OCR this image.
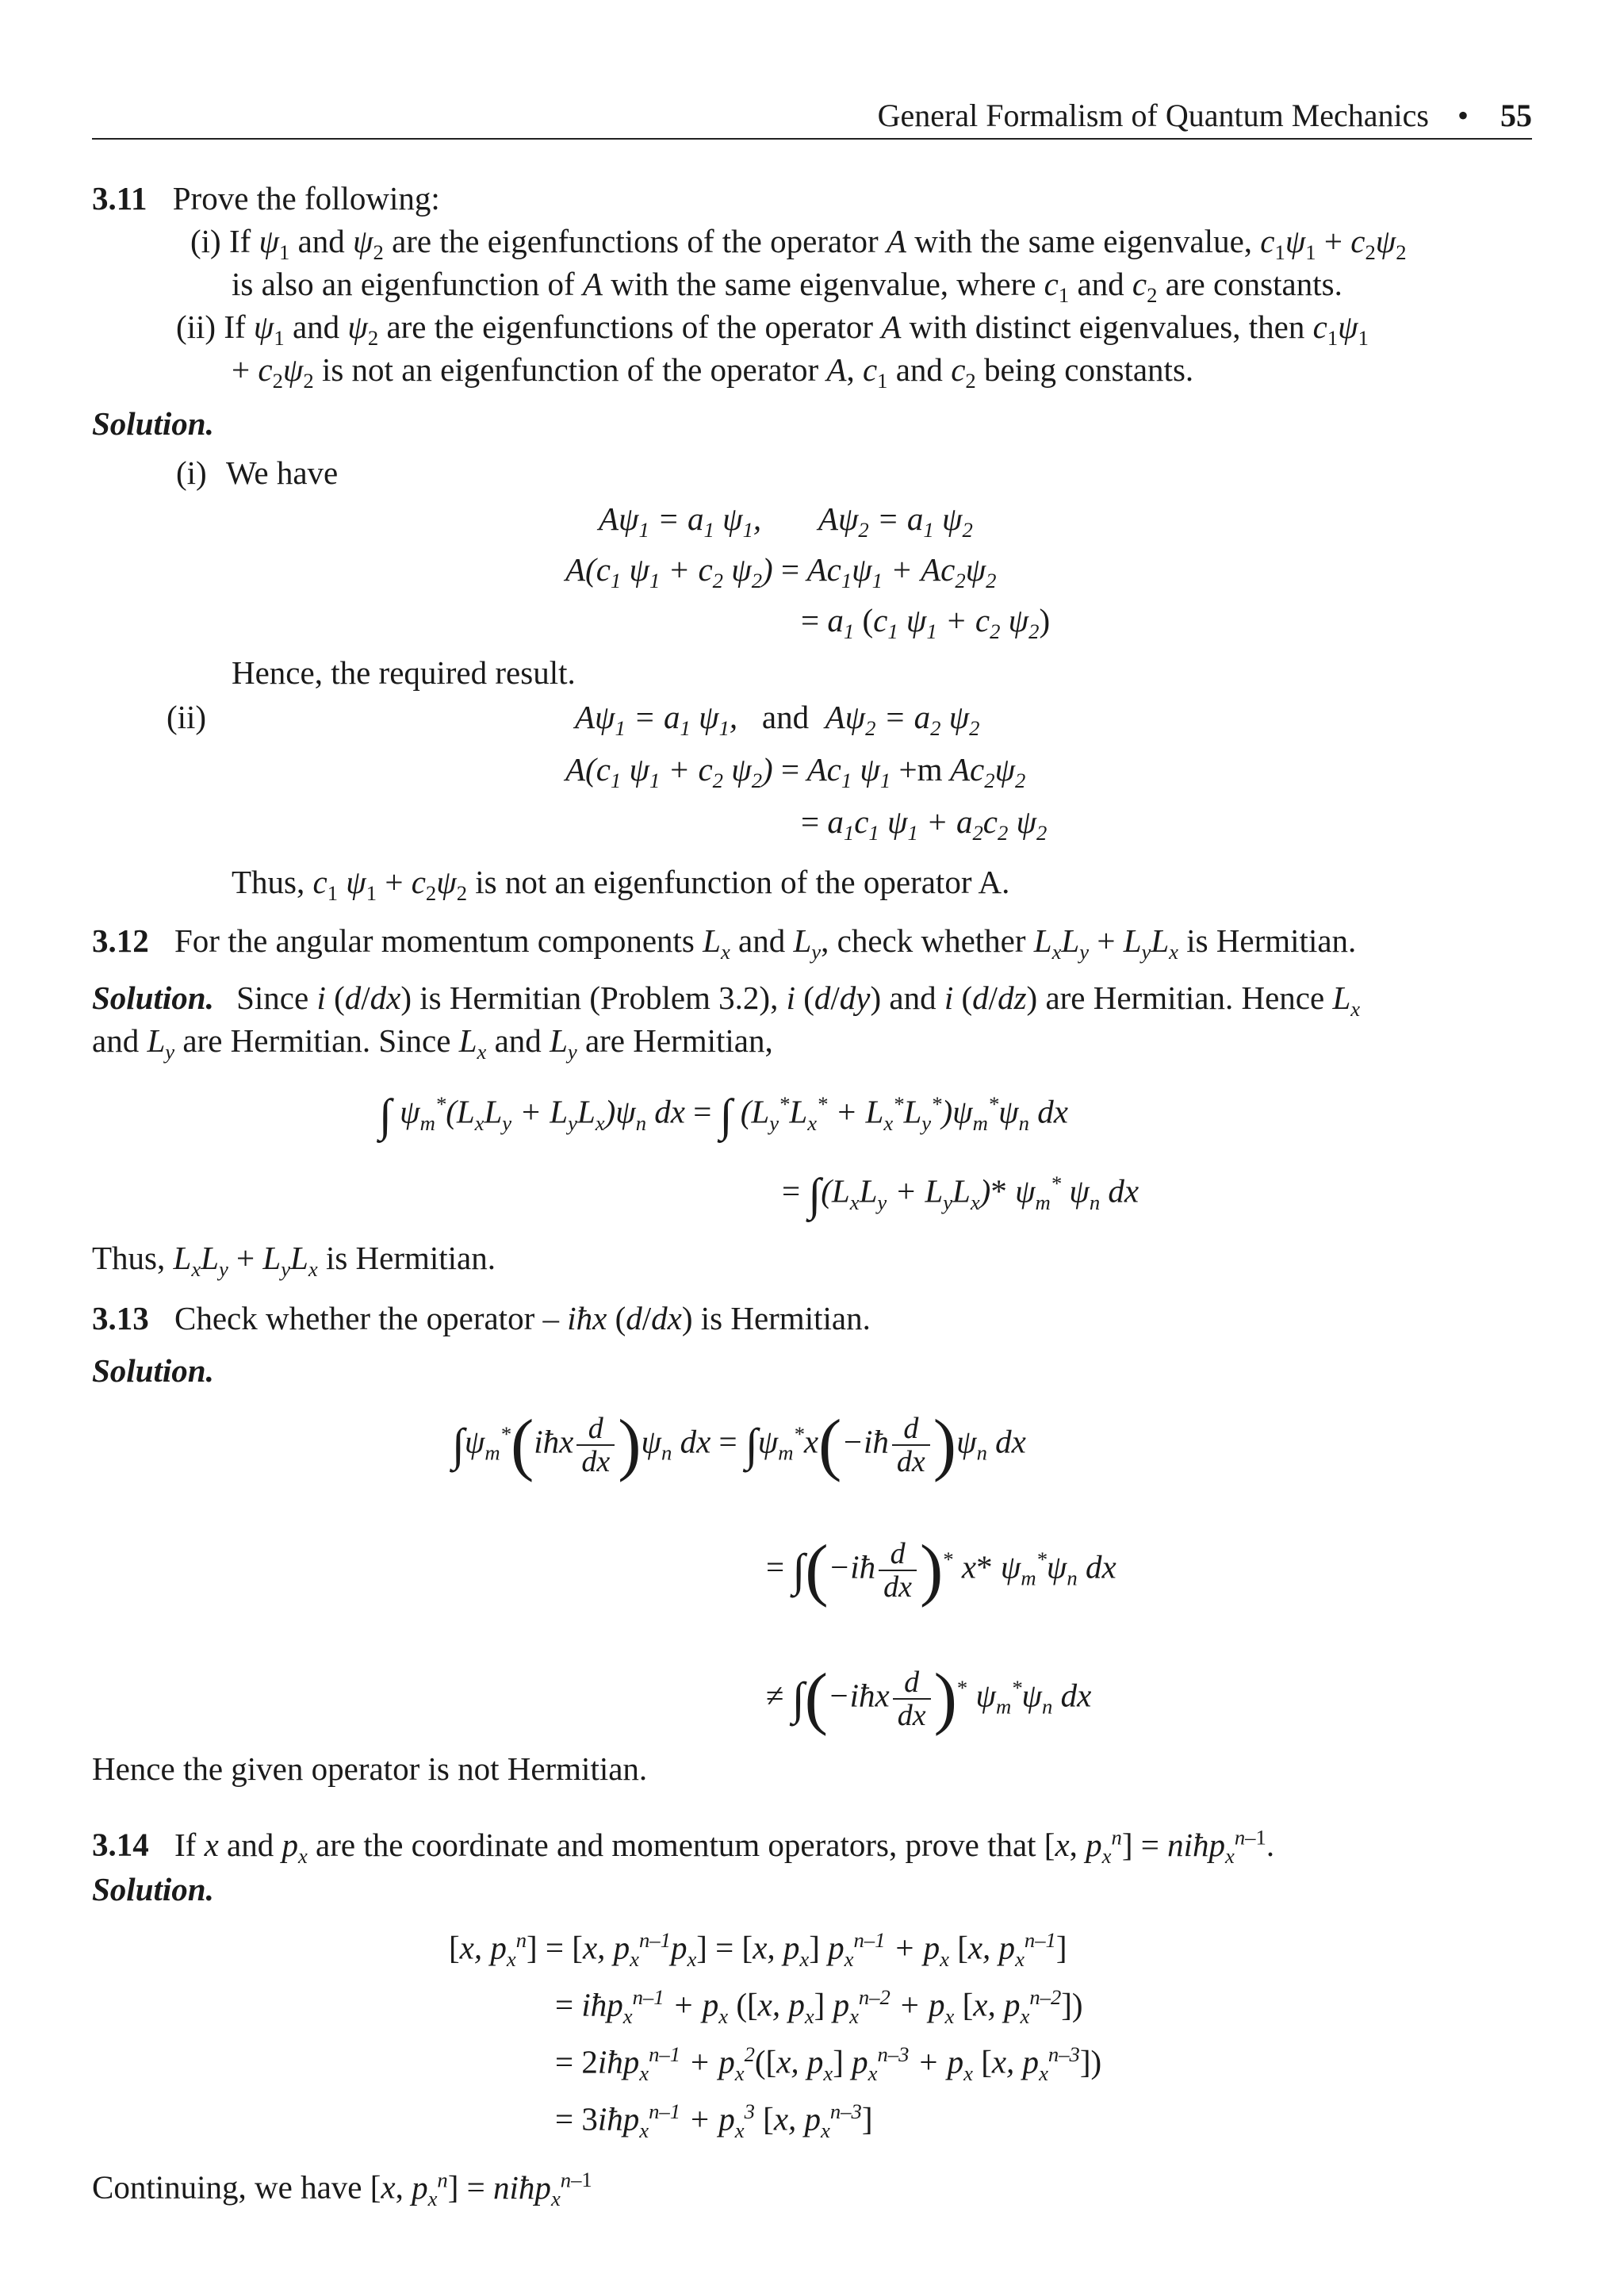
General Formalism of Quantum Mechanics • 55
3.11 Prove the following:
(i) If $\psi_1$ and $\psi_2$ are the eigenfunctions of the operator A with the same eigenvalue, $c_1\psi_1 + c_2\psi_2$
is also an eigenfunction of A with the same eigenvalue, where $c_1$ and $c_2$ are constants.
(ii) If $\psi_1$ and $\psi_2$ are the eigenfunctions of the operator A with distinct eigenvalues, then $c_1\psi_1$
+ $c_2\psi_2$ is not an eigenfunction of the operator A, $c_1$ and $c_2$ being constants.
Solution.
(i) We have
$A\psi_1 = a_1$ $\psi_1$,       $A\psi_2 = a_1$ $\psi_2$
$A(c_1$ $\psi_1 + c_2$ $\psi_2) = Ac_1\psi_1 + Ac_2\psi_2$
= $a_1$ ($c_1$ $\psi_1 + c_2$ $\psi_2$)
Hence, the required result.
(ii)	$A\psi_1 = a_1$ $\psi_1$,   and  $A\psi_2 = a_2$ $\psi_2$
$A(c_1$ $\psi_1 + c_2$ $\psi_2) = Ac_1$ $\psi_1 +m$ $Ac_2\psi_2$
= $a_1c_1$ $\psi_1 + a_2c_2$ $\psi_2$
Thus, $c_1$ $\psi_1 + c_2\psi_2$ is not an eigenfunction of the operator A.
3.12 For the angular momentum components $L_x$ and $L_y$, check whether $L_xL_y + L_yL_x$ is Hermitian.
Solution. Since i (d/dx) is Hermitian (Problem 3.2), i (d/dy) and i (d/dz) are Hermitian. Hence $L_x$
and $L_y$ are Hermitian. Since $L_x$ and $L_y$ are Hermitian,
∫ $\psi_m^*(L_xL_y + L_yL_x)\psi_n$ dx = ∫ $(L_y^*L_x^* + L_x^*L_y^*)\psi_m^*\psi_n$ dx
= $\int(L_xL_y + L_yL_x)*$ $\psi_m^*$ $\psi_n$ dx
Thus, $L_xL_y + L_yL_x$ is Hermitian.
3.13 Check whether the operator – iħx (d/dx) is Hermitian.
Solution.
$\int\psi_m^*(iħx \frac{d}{dx} )\psi_n$ dx = $\int\psi_m^*x(-iħ \frac{d}{dx} )\psi_n$ dx
= ∫(−iħ $\frac{d}{dx} )^*$ x* $\psi_m^*\psi_n$ dx
≠ ∫(−iħx $\frac{d}{dx} )^*$ $\psi_m^*\psi_n$ dx
Hence the given operator is not Hermitian.
3.14 If x and $p_x$ are the coordinate and momentum operators, prove that [x, $p_x^n$] = niħp$_x^{n-1}$.
Solution.
[x, $p_x^n] = [x$, $p_x^{n-1}p_x] = [x$, $p_x$] $p_x^{n-1} + p_x$ [x, $p_x^{n-1}$]
= iħp$_x^{n-1}$ + $p_x$ ([x, $p_x$] $p_x^{n-2} + p_x$ [x, $p_x^{n-2}$])
= 2iħp$_x^{n-1}$ + $p_x^2([x$, $p_x$] $p_x^{n-3} + p_x$ [x, $p_x^{n-3}$])
= 3iħp$_x^{n-1}$ + $p_x^3$ [x, $p_x^{n-3}$]
Continuing, we have [x, $p_x^n$] = niħp$_x^{n-1}$
